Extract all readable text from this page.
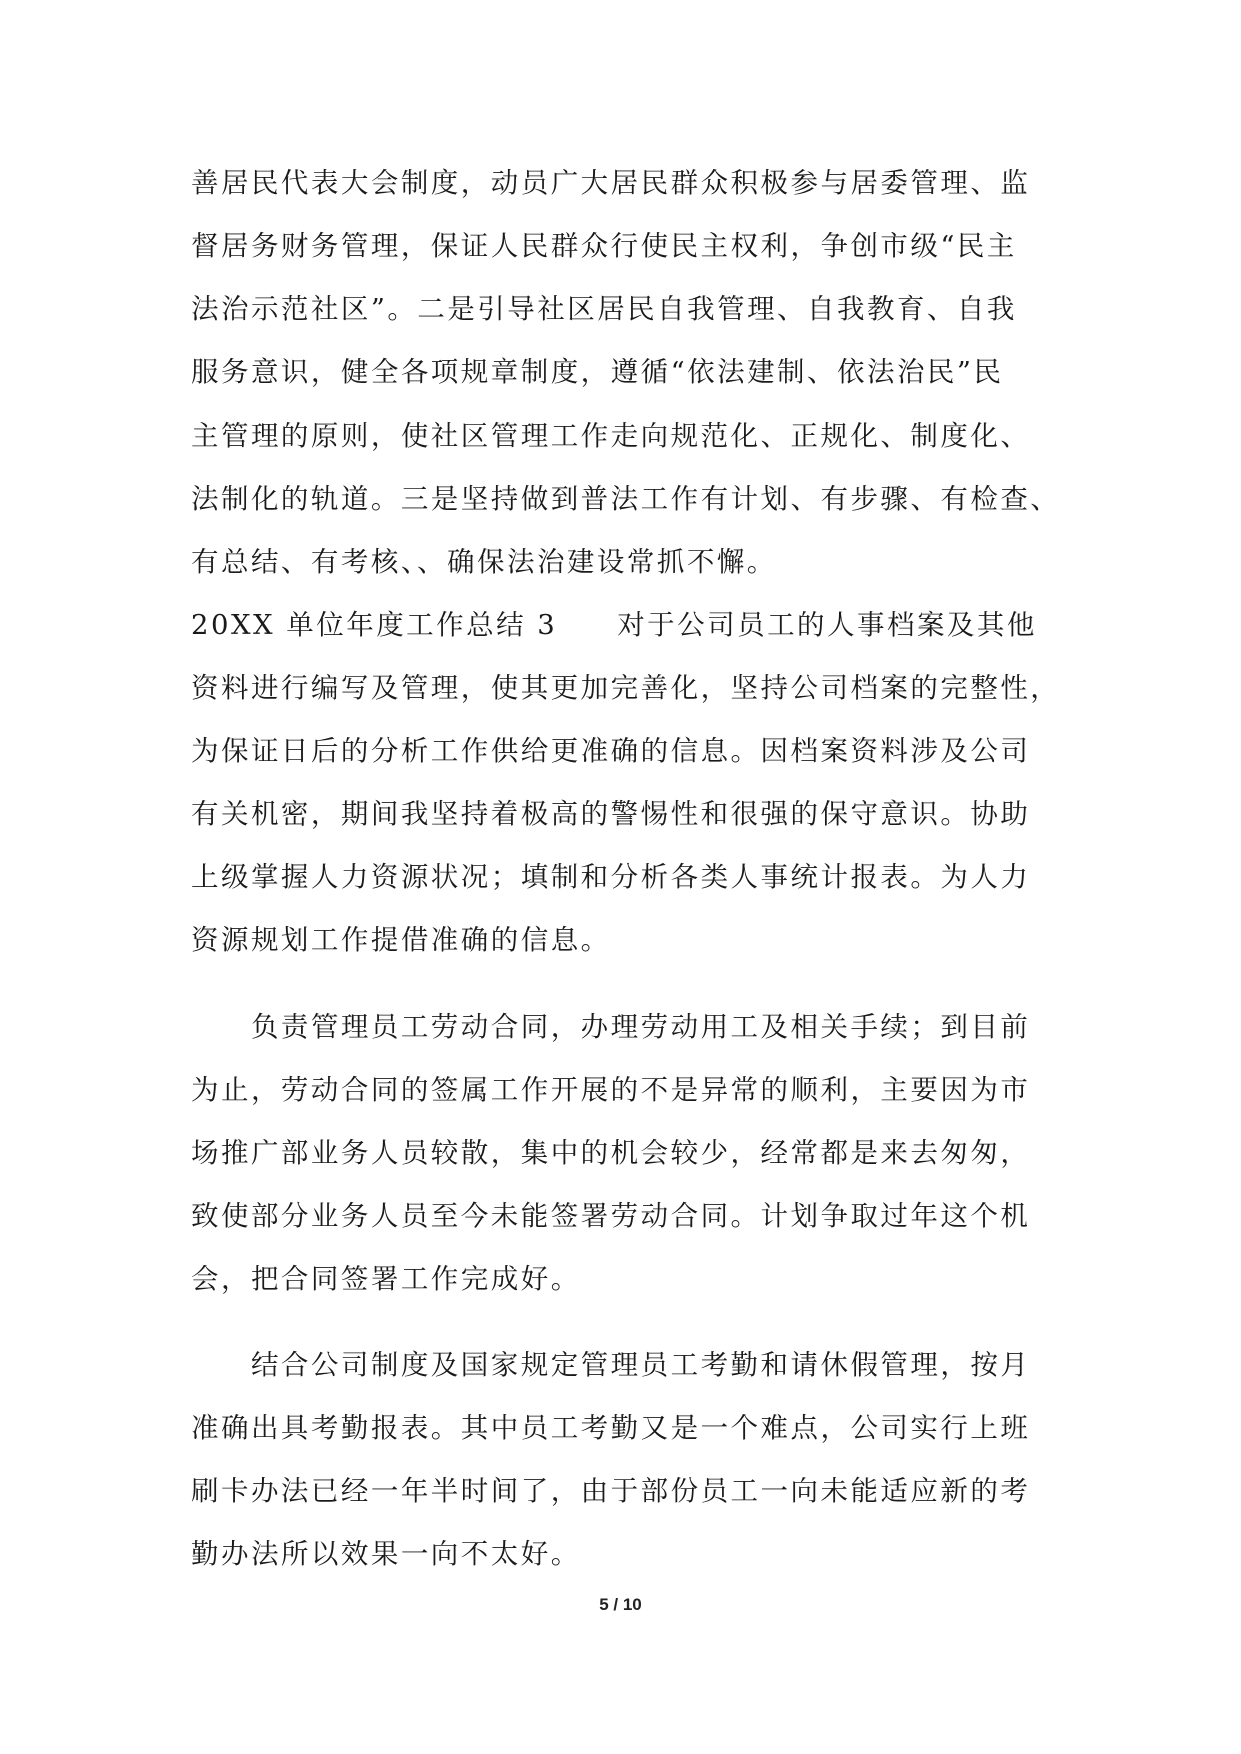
善居民代表大会制度，动员广大居民群众积极参与居委管理、监
督居务财务管理，保证人民群众行使民主权利，争创市级“民主
法治示范社区”。二是引导社区居民自我管理、自我教育、自我
服务意识，健全各项规章制度，遵循“依法建制、依法治民”民
主管理的原则，使社区管理工作走向规范化、正规化、制度化、
法制化的轨道。三是坚持做到普法工作有计划、有步骤、有检查、
有总结、有考核、、确保法治建设常抓不懈。
20XX 单位年度工作总结 3　　对于公司员工的人事档案及其他
资料进行编写及管理，使其更加完善化，坚持公司档案的完整性，
为保证日后的分析工作供给更准确的信息。因档案资料涉及公司
有关机密，期间我坚持着极高的警惕性和很强的保守意识。协助
上级掌握人力资源状况；填制和分析各类人事统计报表。为人力
资源规划工作提借准确的信息。
　　负责管理员工劳动合同，办理劳动用工及相关手续；到目前
为止，劳动合同的签属工作开展的不是异常的顺利，主要因为市
场推广部业务人员较散，集中的机会较少，经常都是来去匆匆，
致使部分业务人员至今未能签署劳动合同。计划争取过年这个机
会，把合同签署工作完成好。
　　结合公司制度及国家规定管理员工考勤和请休假管理，按月
准确出具考勤报表。其中员工考勤又是一个难点，公司实行上班
刷卡办法已经一年半时间了，由于部份员工一向未能适应新的考
勤办法所以效果一向不太好。
5 / 10
